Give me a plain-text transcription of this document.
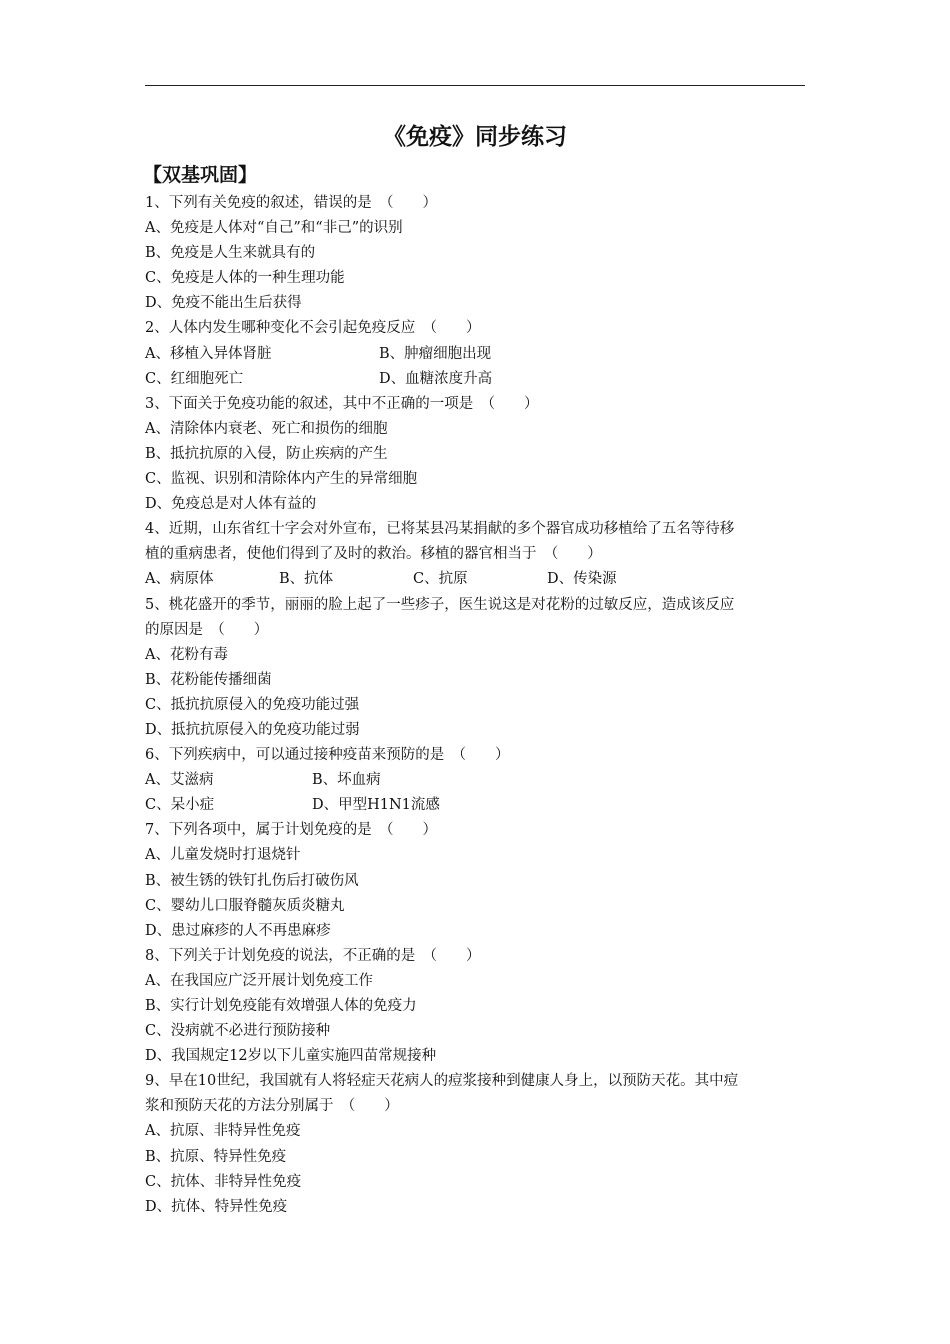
《免疫》同步练习
【双基巩固】
1、下列有关免疫的叙述，错误的是　（　　）
A、免疫是人体对“自己”和“非己”的识别
B、免疫是人生来就具有的
C、免疫是人体的一种生理功能
D、免疫不能出生后获得
2、人体内发生哪种变化不会引起免疫反应　（　　）
A、移植入异体肾脏	B、肿瘤细胞出现
C、红细胞死亡	D、血糖浓度升高
3、下面关于免疫功能的叙述，其中不正确的一项是　（　　）
A、清除体内衰老、死亡和损伤的细胞
B、抵抗抗原的入侵，防止疾病的产生
C、监视、识别和清除体内产生的异常细胞
D、免疫总是对人体有益的
4、近期，山东省红十字会对外宣布，已将某县冯某捐献的多个器官成功移植给了五名等待移
植的重病患者，使他们得到了及时的救治。移植的器官相当于　（　　）
A、病原体	B、抗体	C、抗原	D、传染源
5、桃花盛开的季节，丽丽的脸上起了一些疹子，医生说这是对花粉的过敏反应，造成该反应
的原因是　（　　）
A、花粉有毒
B、花粉能传播细菌
C、抵抗抗原侵入的免疫功能过强
D、抵抗抗原侵入的免疫功能过弱
6、下列疾病中，可以通过接种疫苗来预防的是　（　　）
A、艾滋病	B、坏血病
C、呆小症	D、甲型H1N1流感
7、下列各项中，属于计划免疫的是　（　　）
A、儿童发烧时打退烧针
B、被生锈的铁钉扎伤后打破伤风
C、婴幼儿口服脊髓灰质炎糖丸
D、患过麻疹的人不再患麻疹
8、下列关于计划免疫的说法，不正确的是　（　　）
A、在我国应广泛开展计划免疫工作
B、实行计划免疫能有效增强人体的免疫力
C、没病就不必进行预防接种
D、我国规定12岁以下儿童实施四苗常规接种
9、早在10世纪，我国就有人将轻症天花病人的痘浆接种到健康人身上，以预防天花。其中痘
浆和预防天花的方法分别属于　（　　）
A、抗原、非特异性免疫
B、抗原、特异性免疫
C、抗体、非特异性免疫
D、抗体、特异性免疫
